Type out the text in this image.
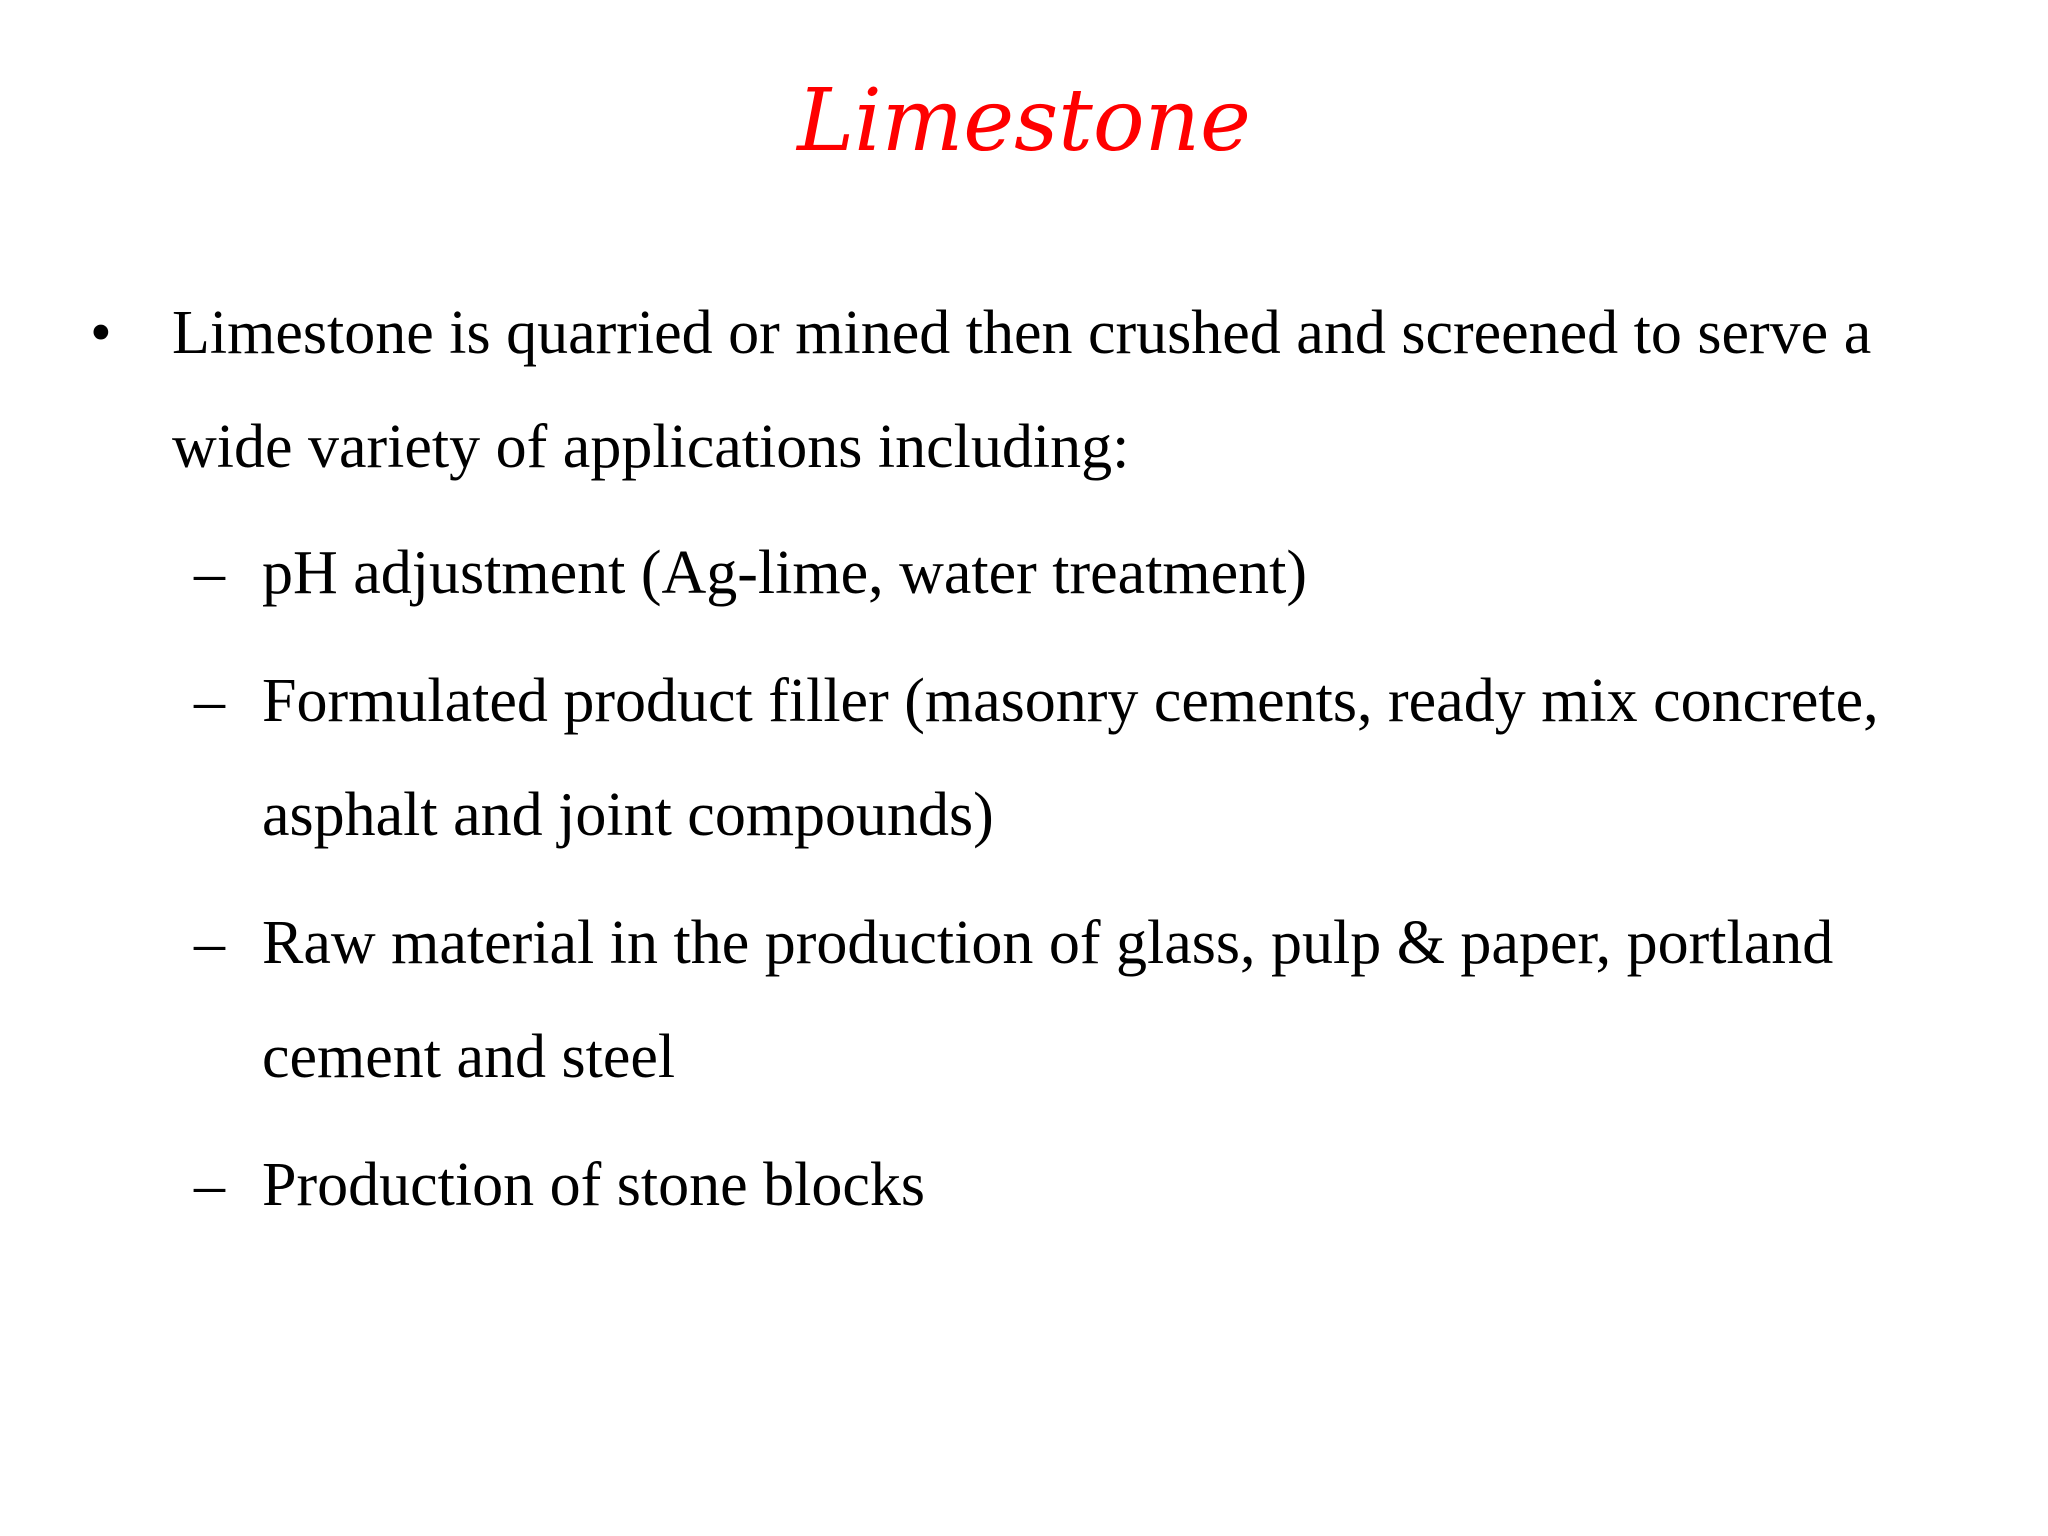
Limestone
• Limestone is quarried or mined then crushed and screened to serve a wide variety of applications including:
– pH adjustment (Ag-lime, water treatment)
– Formulated product filler (masonry cements, ready mix concrete, asphalt and joint compounds)
– Raw material in the production of glass, pulp & paper, portland cement and steel
– Production of stone blocks
